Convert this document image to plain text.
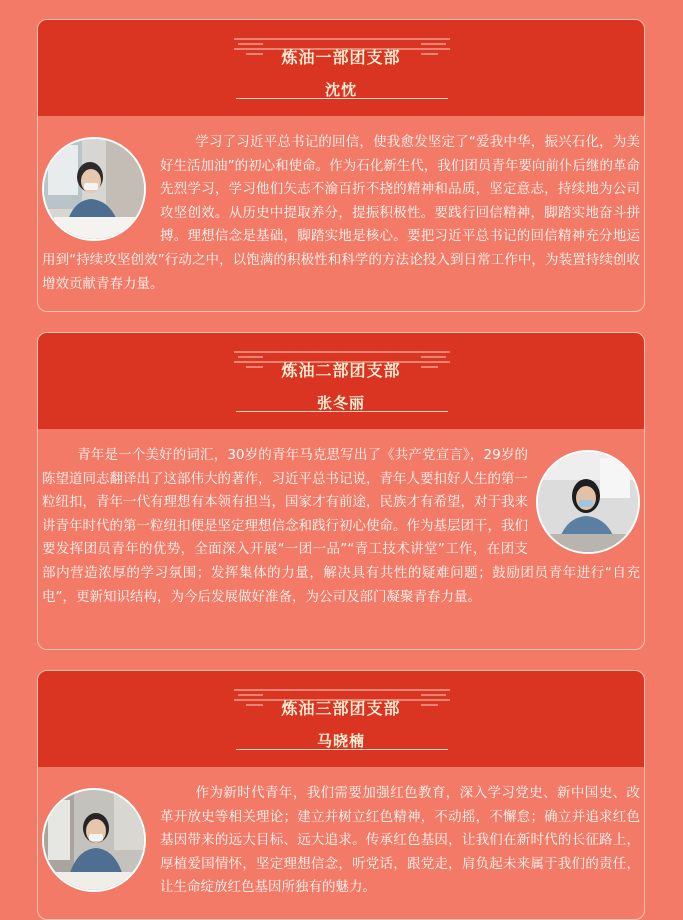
炼油一部团支部
沈忱

学习了习近平总书记的回信，使我愈发坚定了“爱我中华，振兴石化，为美好生活加油”的初心和使命。作为石化新生代，我们团员青年要向前仆后继的革命先烈学习，学习他们矢志不渝百折不挠的精神和品质，坚定意志，持续地为公司攻坚创效。从历史中提取养分，提振积极性。要践行回信精神，脚踏实地奋斗拼搏。理想信念是基础，脚踏实地是核心。要把习近平总书记的回信精神充分地运用到“持续攻坚创效”行动之中，以饱满的积极性和科学的方法论投入到日常工作中，为装置持续创收增效贡献青春力量。

炼油二部团支部
张冬丽

青年是一个美好的词汇，30岁的青年马克思写出了《共产党宣言》，29岁的陈望道同志翻译出了这部伟大的著作，习近平总书记说，青年人要扣好人生的第一粒纽扣，青年一代有理想有本领有担当，国家才有前途，民族才有希望，对于我来讲青年时代的第一粒纽扣便是坚定理想信念和践行初心使命。作为基层团干，我们要发挥团员青年的优势，全面深入开展“一团一品”“青工技术讲堂”工作，在团支部内营造浓厚的学习氛围；发挥集体的力量，解决具有共性的疑难问题；鼓励团员青年进行“自充电”，更新知识结构，为今后发展做好准备，为公司及部门凝聚青春力量。

炼油三部团支部
马晓楠

作为新时代青年，我们需要加强红色教育，深入学习党史、新中国史、改革开放史等相关理论；建立并树立红色精神，不动摇，不懈怠；确立并追求红色基因带来的远大目标、远大追求。传承红色基因，让我们在新时代的长征路上，厚植爱国情怀，坚定理想信念，听党话，跟党走，肩负起未来属于我们的责任，让生命绽放红色基因所独有的魅力。
